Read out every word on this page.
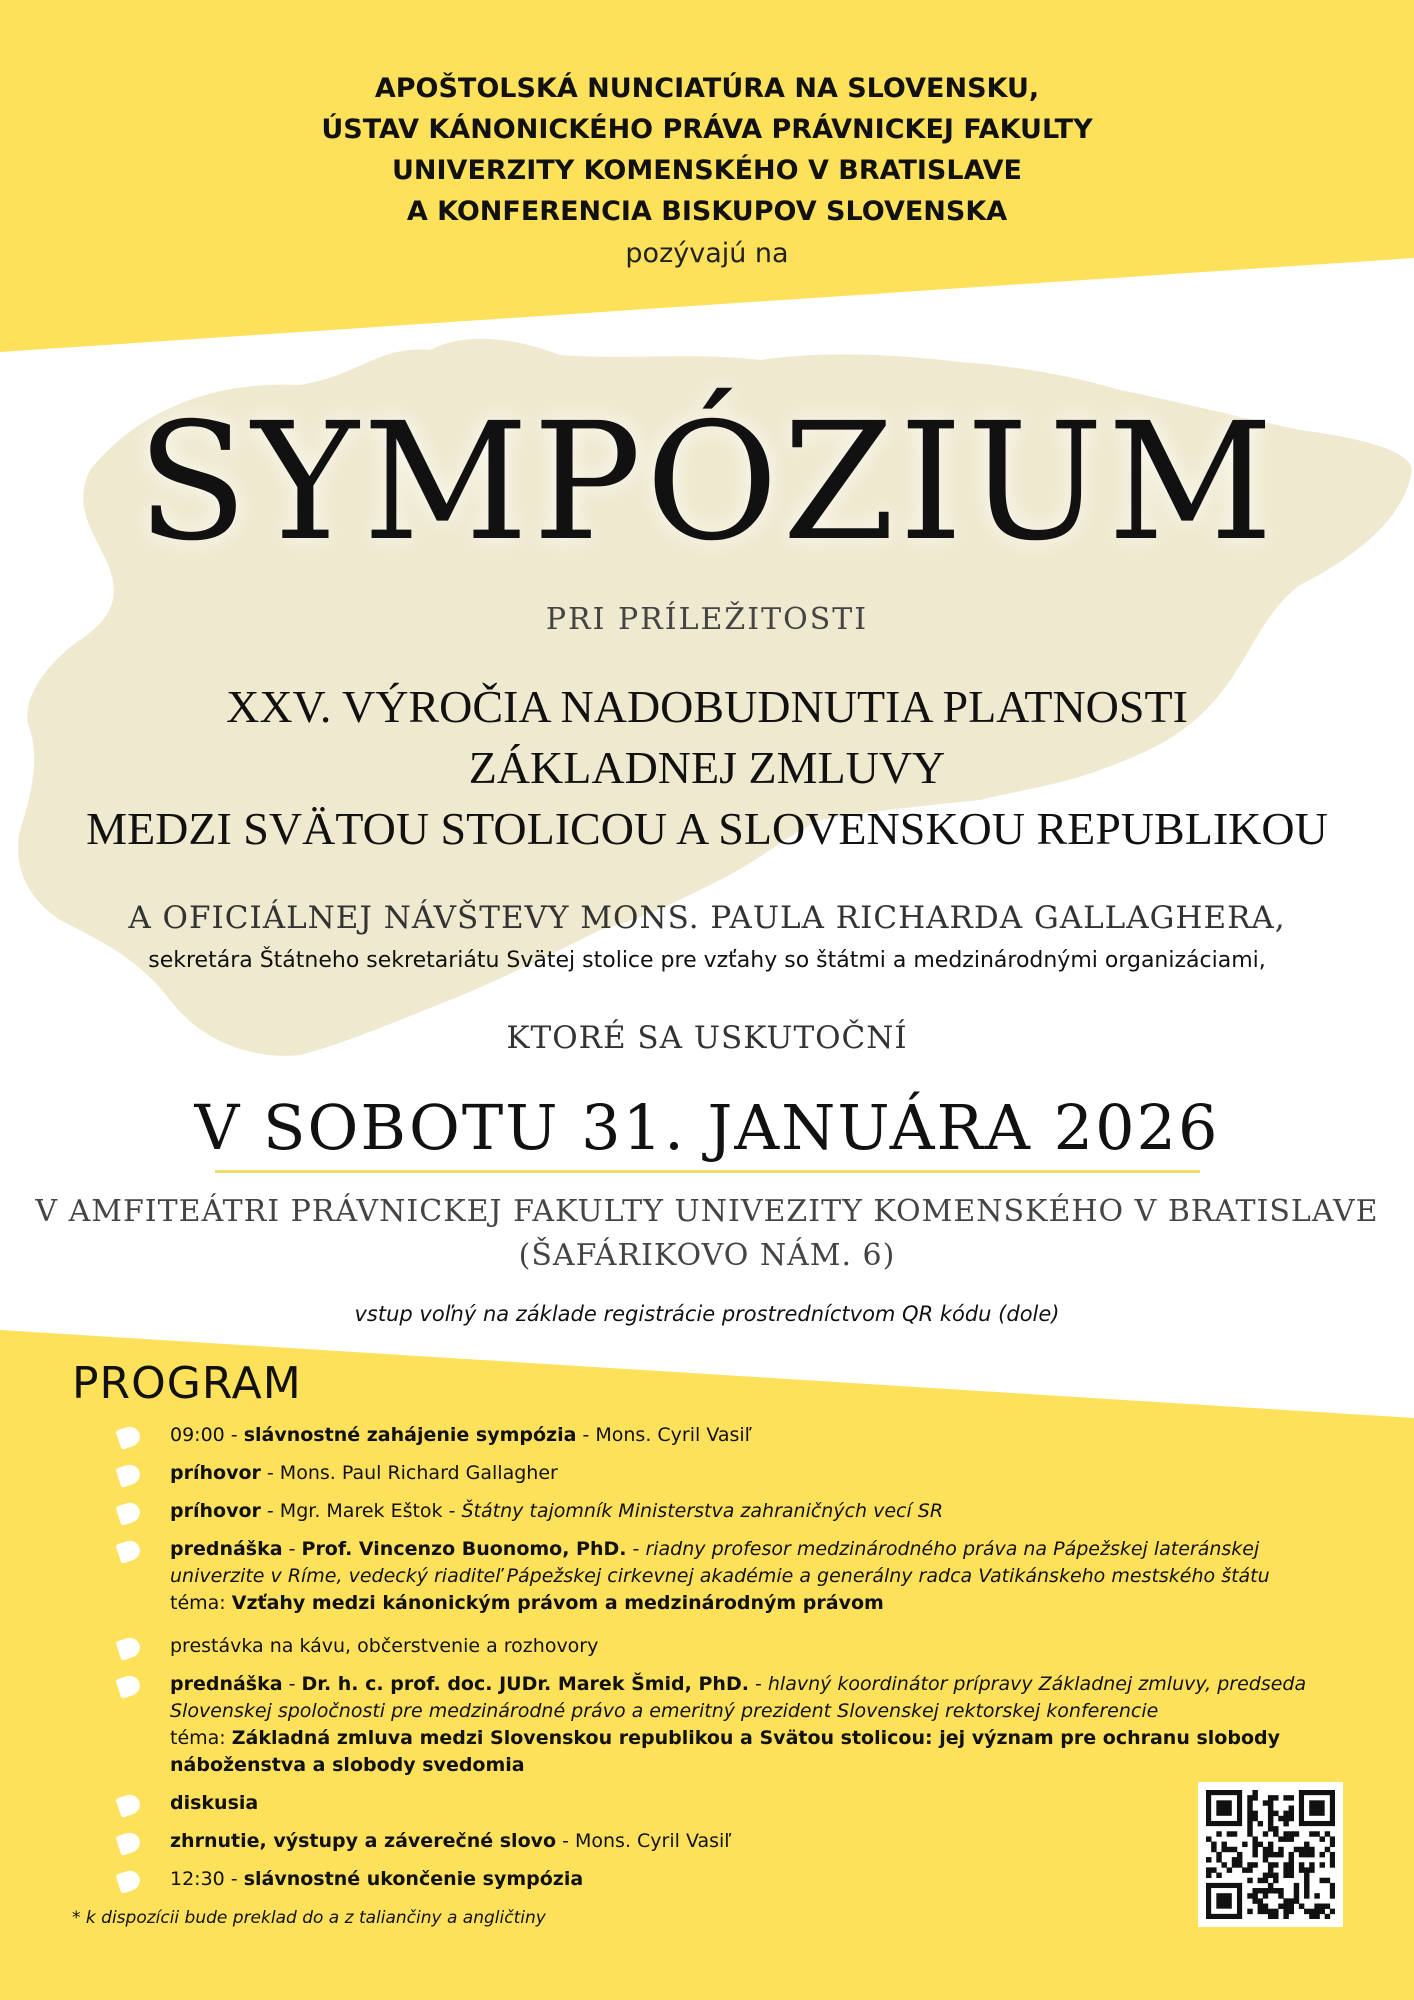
APOŠTOLSKÁ NUNCIATÚRA NA SLOVENSKU,
ÚSTAV KÁNONICKÉHO PRÁVA PRÁVNICKEJ FAKULTY
UNIVERZITY KOMENSKÉHO V BRATISLAVE
A KONFERENCIA BISKUPOV SLOVENSKA
pozývajú na
SYMPÓZIUM
PRI PRÍLEŽITOSTI
XXV. VÝROČIA NADOBUDNUTIA PLATNOSTI
ZÁKLADNEJ ZMLUVY
MEDZI SVÄTOU STOLICOU A SLOVENSKOU REPUBLIKOU
A OFICIÁLNEJ NÁVŠTEVY MONS. PAULA RICHARDA GALLAGHERA,
sekretára Štátneho sekretariátu Svätej stolice pre vzťahy so štátmi a medzinárodnými organizáciami,
KTORÉ SA USKUTOČNÍ
V SOBOTU 31. JANUÁRA 2026
V AMFITEÁTRI PRÁVNICKEJ FAKULTY UNIVEZITY KOMENSKÉHO V BRATISLAVE
(ŠAFÁRIKOVO NÁM. 6)
vstup voľný na základe registrácie prostredníctvom QR kódu (dole)
PROGRAM
09:00 - slávnostné zahájenie sympózia - Mons. Cyril Vasiľ
príhovor - Mons. Paul Richard Gallagher
príhovor - Mgr. Marek Eštok - Štátny tajomník Ministerstva zahraničných vecí SR
prednáška - Prof. Vincenzo Buonomo, PhD. - riadny profesor medzinárodného práva na Pápežskej lateránskej univerzite v Ríme, vedecký riaditeľ Pápežskej cirkevnej akadémie a generálny radca Vatikánskeho mestského štátu
téma: Vzťahy medzi kánonickým právom a medzinárodným právom
prestávka na kávu, občerstvenie a rozhovory
prednáška - Dr. h. c. prof. doc. JUDr. Marek Šmid, PhD. - hlavný koordinátor prípravy Základnej zmluvy, predseda Slovenskej spoločnosti pre medzinárodné právo a emeritný prezident Slovenskej rektorskej konferencie
téma: Základná zmluva medzi Slovenskou republikou a Svätou stolicou: jej význam pre ochranu slobody náboženstva a slobody svedomia
diskusia
zhrnutie, výstupy a záverečné slovo - Mons. Cyril Vasiľ
12:30 - slávnostné ukončenie sympózia
* k dispozícii bude preklad do a z taliančiny a angličtiny
